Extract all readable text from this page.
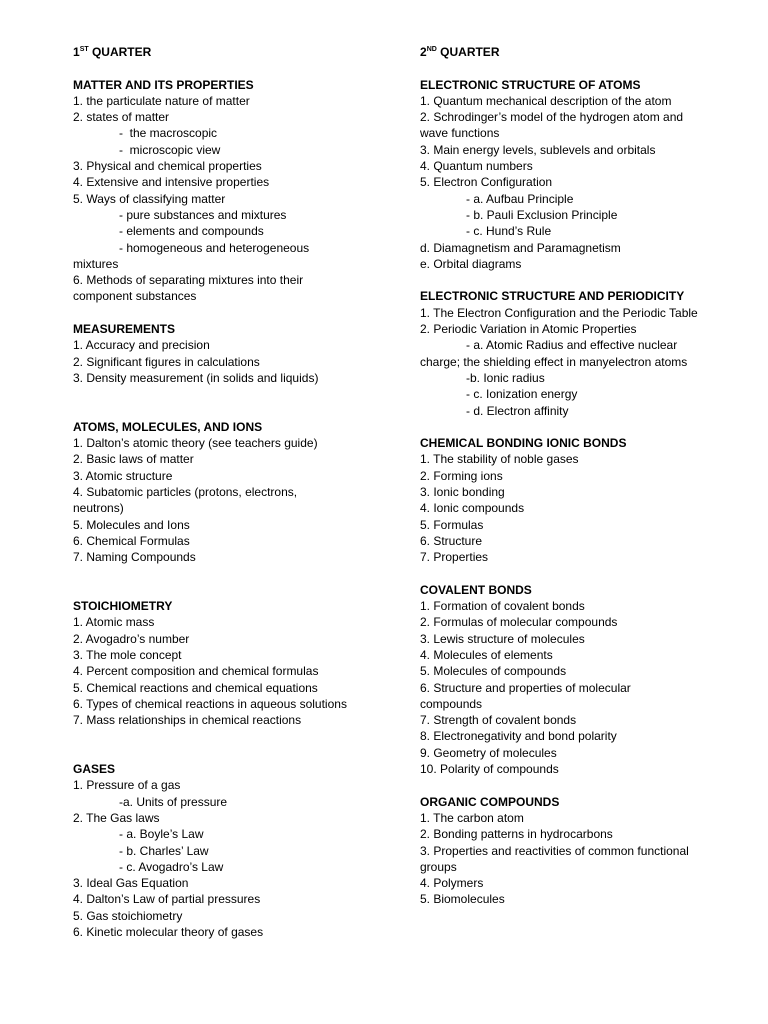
1ST QUARTER
MATTER AND ITS PROPERTIES
1. the particulate nature of matter
2. states of matter
-  the macroscopic
-  microscopic view
3. Physical and chemical properties
4. Extensive and intensive properties
5. Ways of classifying matter
- pure substances and mixtures
- elements and compounds
- homogeneous and heterogeneous
mixtures
6. Methods of separating mixtures into their
component substances
MEASUREMENTS
1. Accuracy and precision
2. Significant figures in calculations
3. Density measurement (in solids and liquids)
ATOMS, MOLECULES, AND IONS
1. Dalton’s atomic theory (see teachers guide)
2. Basic laws of matter
3. Atomic structure
4. Subatomic particles (protons, electrons,
neutrons)
5. Molecules and Ions
6. Chemical Formulas
7. Naming Compounds
STOICHIOMETRY
1. Atomic mass
2. Avogadro’s number
3. The mole concept
4. Percent composition and chemical formulas
5. Chemical reactions and chemical equations
6. Types of chemical reactions in aqueous solutions
7. Mass relationships in chemical reactions
GASES
1. Pressure of a gas
-a. Units of pressure
2. The Gas laws
- a. Boyle’s Law
- b. Charles’ Law
- c. Avogadro’s Law
3. Ideal Gas Equation
4. Dalton’s Law of partial pressures
5. Gas stoichiometry
6. Kinetic molecular theory of gases
2ND QUARTER
ELECTRONIC STRUCTURE OF ATOMS
1. Quantum mechanical description of the atom
2. Schrodinger’s model of the hydrogen atom and
wave functions
3. Main energy levels, sublevels and orbitals
4. Quantum numbers
5. Electron Configuration
- a. Aufbau Principle
- b. Pauli Exclusion Principle
- c. Hund’s Rule
d. Diamagnetism and Paramagnetism
e. Orbital diagrams
ELECTRONIC STRUCTURE AND PERIODICITY
1. The Electron Configuration and the Periodic Table
2. Periodic Variation in Atomic Properties
- a. Atomic Radius and effective nuclear
charge; the shielding effect in manyelectron atoms
-b. Ionic radius
- c. Ionization energy
- d. Electron affinity
CHEMICAL BONDING IONIC BONDS
1. The stability of noble gases
2. Forming ions
3. Ionic bonding
4. Ionic compounds
5. Formulas
6. Structure
7. Properties
COVALENT BONDS
1. Formation of covalent bonds
2. Formulas of molecular compounds
3. Lewis structure of molecules
4. Molecules of elements
5. Molecules of compounds
6. Structure and properties of molecular
compounds
7. Strength of covalent bonds
8. Electronegativity and bond polarity
9. Geometry of molecules
10. Polarity of compounds
ORGANIC COMPOUNDS
1. The carbon atom
2. Bonding patterns in hydrocarbons
3. Properties and reactivities of common functional
groups
4. Polymers
5. Biomolecules
